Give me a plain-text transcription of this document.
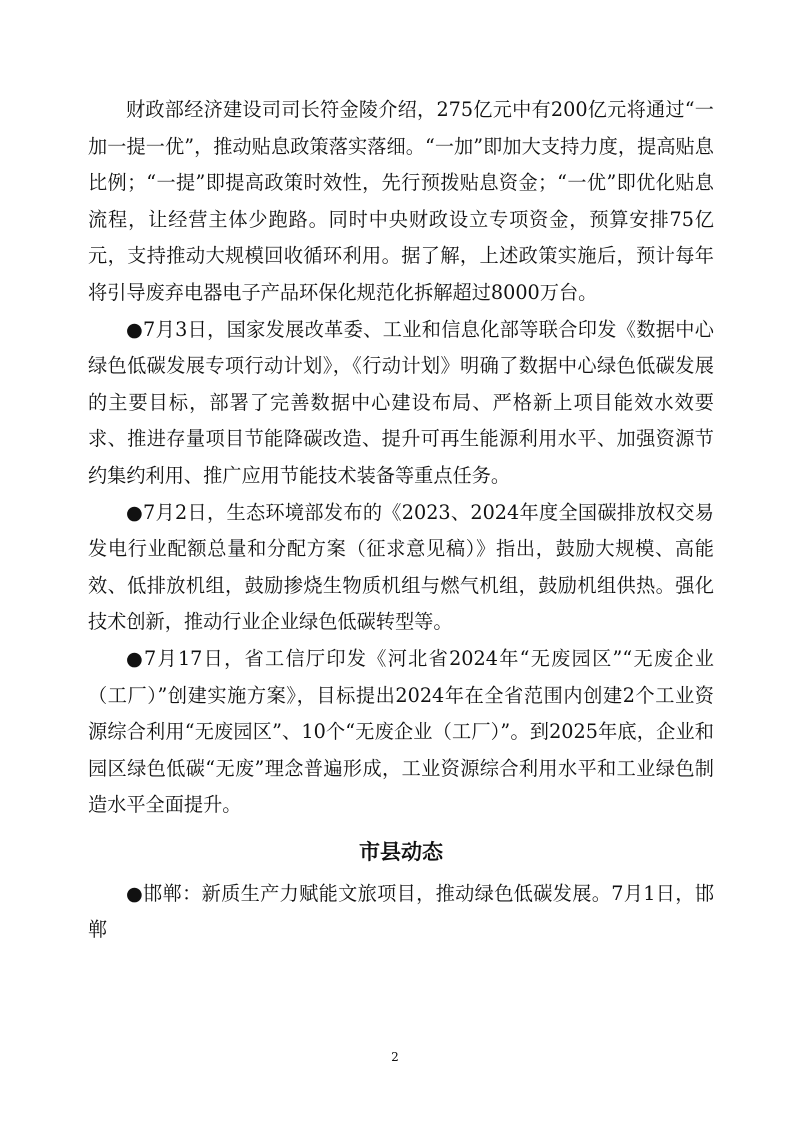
财政部经济建设司司长符金陵介绍，275亿元中有200亿元将通过“一加一提一优”，推动贴息政策落实落细。“一加”即加大支持力度，提高贴息比例；“一提”即提高政策时效性，先行预拨贴息资金；“一优”即优化贴息流程，让经营主体少跑路。同时中央财政设立专项资金，预算安排75亿元，支持推动大规模回收循环利用。据了解，上述政策实施后，预计每年将引导废弃电器电子产品环保化规范化拆解超过8000万台。

●7月3日，国家发展改革委、工业和信息化部等联合印发《数据中心绿色低碳发展专项行动计划》，《行动计划》明确了数据中心绿色低碳发展的主要目标，部署了完善数据中心建设布局、严格新上项目能效水效要求、推进存量项目节能降碳改造、提升可再生能源利用水平、加强资源节约集约利用、推广应用节能技术装备等重点任务。

●7月2日，生态环境部发布的《2023、2024年度全国碳排放权交易发电行业配额总量和分配方案（征求意见稿）》指出，鼓励大规模、高能效、低排放机组，鼓励掺烧生物质机组与燃气机组，鼓励机组供热。强化技术创新，推动行业企业绿色低碳转型等。

●7月17日，省工信厅印发《河北省2024年“无废园区”“无废企业（工厂）”创建实施方案》，目标提出2024年在全省范围内创建2个工业资源综合利用“无废园区”、10个“无废企业（工厂）”。到2025年底，企业和园区绿色低碳“无废”理念普遍形成，工业资源综合利用水平和工业绿色制造水平全面提升。

市县动态

●邯郸：新质生产力赋能文旅项目，推动绿色低碳发展。7月1日，邯郸

2
